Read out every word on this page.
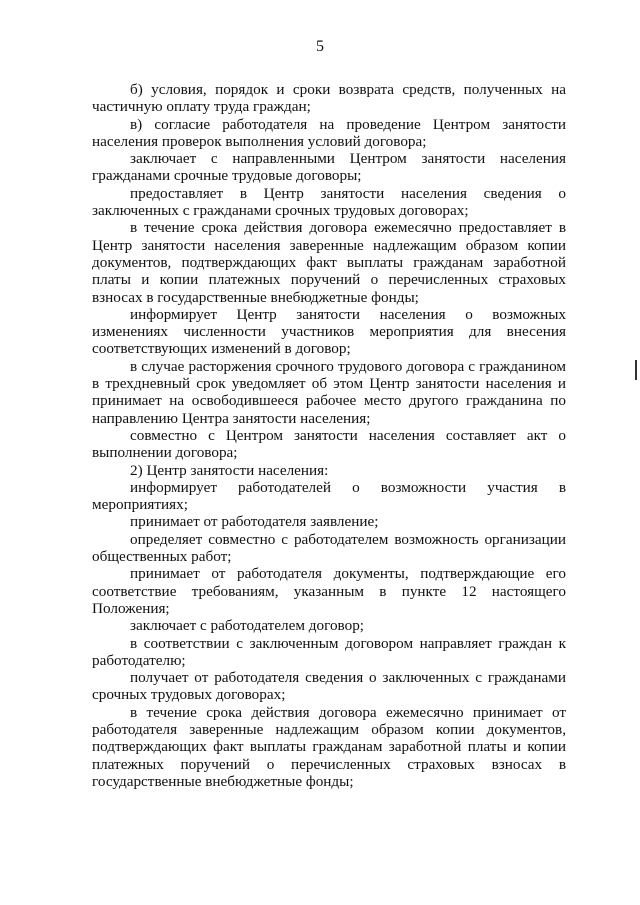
5

б) условия, порядок и сроки возврата средств, полученных на частичную оплату труда граждан;

в) согласие работодателя на проведение Центром занятости населения проверок выполнения условий договора;

заключает с направленными Центром занятости населения гражданами срочные трудовые договоры;

предоставляет в Центр занятости населения сведения о заключенных с гражданами срочных трудовых договорах;

в течение срока действия договора ежемесячно предоставляет в Центр занятости населения заверенные надлежащим образом копии документов, подтверждающих факт выплаты гражданам заработной платы и копии платежных поручений о перечисленных страховых взносах в государственные внебюджетные фонды;

информирует Центр занятости населения о возможных изменениях численности участников мероприятия для внесения соответствующих изменений в договор;

в случае расторжения срочного трудового договора с гражданином в трехдневный срок уведомляет об этом Центр занятости населения и принимает на освободившееся рабочее место другого гражданина по направлению Центра занятости населения;

совместно с Центром занятости населения составляет акт о выполнении договора;

2) Центр занятости населения:

информирует работодателей о возможности участия в мероприятиях;

принимает от работодателя заявление;

определяет совместно с работодателем возможность организации общественных работ;

принимает от работодателя документы, подтверждающие его соответствие требованиям, указанным в пункте 12 настоящего Положения;

заключает с работодателем договор;

в соответствии с заключенным договором направляет граждан к работодателю;

получает от работодателя сведения о заключенных с гражданами срочных трудовых договорах;

в течение срока действия договора ежемесячно принимает от работодателя заверенные надлежащим образом копии документов, подтверждающих факт выплаты гражданам заработной платы и копии платежных поручений о перечисленных страховых взносах в государственные внебюджетные фонды;
